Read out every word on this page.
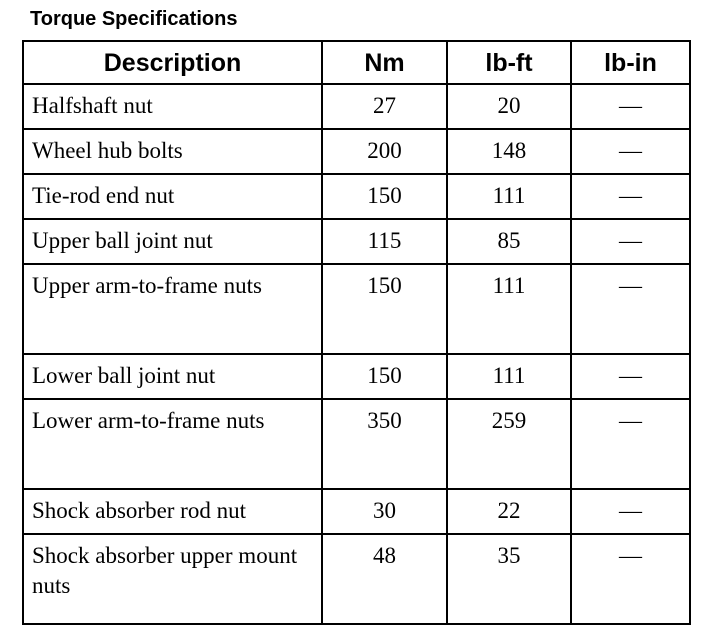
Torque Specifications
Description	Nm	lb-ft	lb-in
Halfshaft nut	27	20	—
Wheel hub bolts	200	148	—
Tie-rod end nut	150	111	—
Upper ball joint nut	115	85	—
Upper arm-to-frame nuts	150	111	—
Lower ball joint nut	150	111	—
Lower arm-to-frame nuts	350	259	—
Shock absorber rod nut	30	22	—
Shock absorber upper mount nuts	48	35	—
